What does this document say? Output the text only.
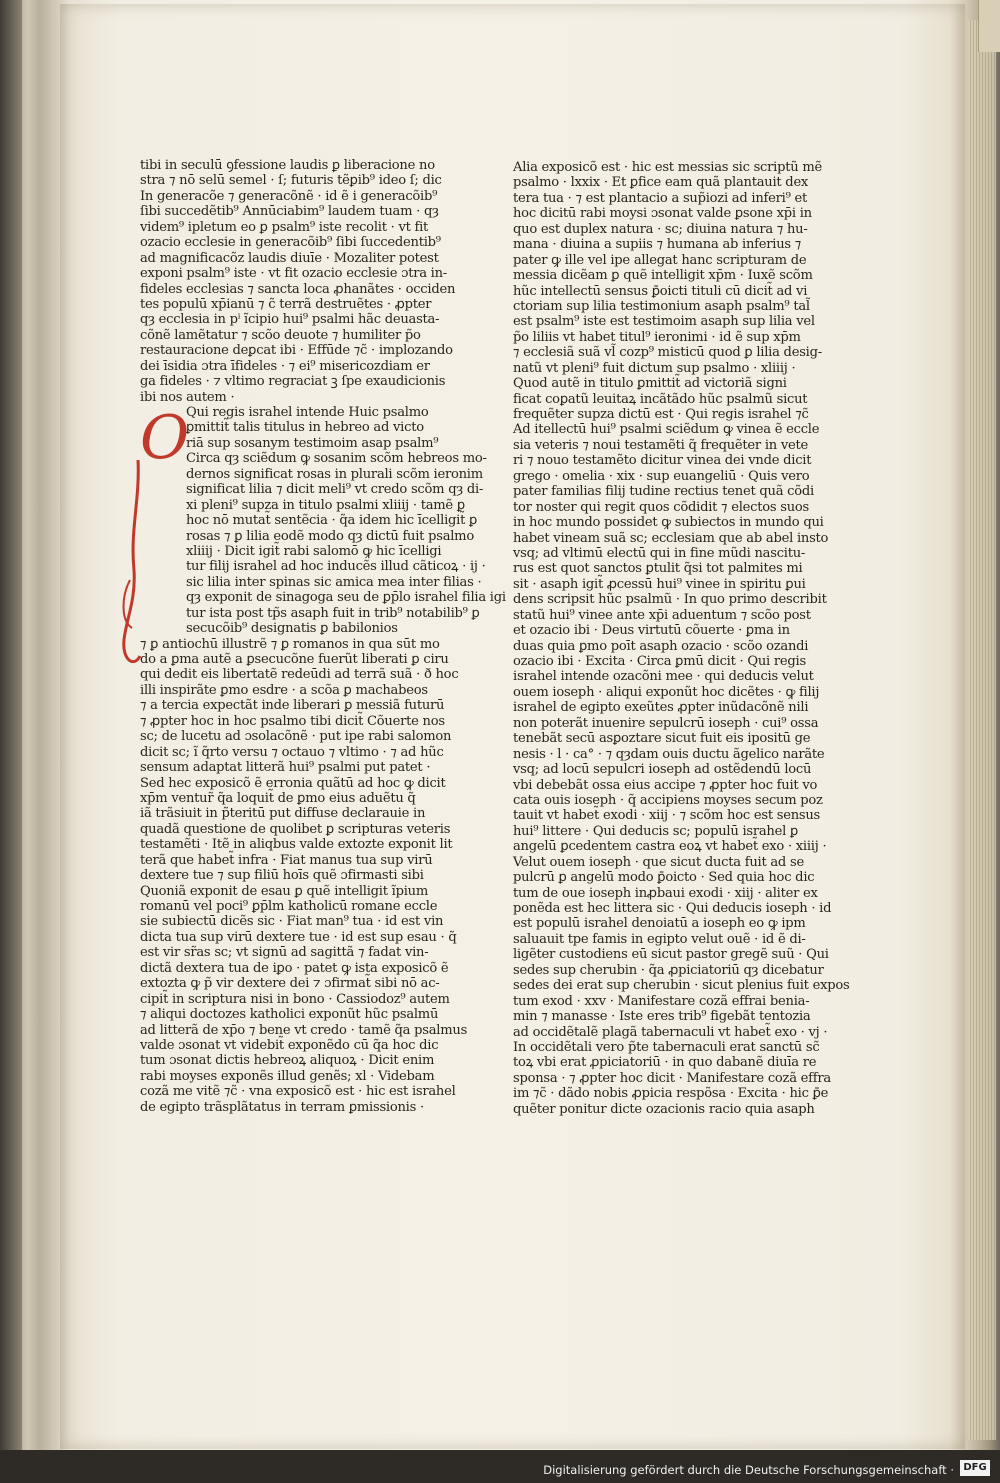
O
tibi in seculū ꝯfessione laudis ꝑ liberacione no
stra ⁊ nō selū semel · ſ; futuris tẽꝑib⁹ ideo ſ; dic
In generacõe ⁊ generacõnẽ · id ẽ i generacõib⁹
ſibi succedẽtib⁹ Annūciabim⁹ laudem tuam · qȝ
videm⁹ ipletum eo ꝑ psalm⁹ iste recolit · vt fit
ozacio ecclesie in generacõib⁹ ſibi ſuccedentib⁹
ad magnificacõz laudis diuīe · Mozaliter potest
exponi psalm⁹ iste · vt fit ozacio ecclesie ɔtra in-
fideles ecclesias ⁊ sancta loca ꝓhanãtes · occiden
tes populū xp̄ianū ⁊ c̃ terrã destruẽtes · ꝓpter
qȝ ecclesia in pⁱ ĩcipio hui⁹ psalmi hãc deuasta-
cõnẽ lamẽtatur ⁊ scõo deuote ⁊ humiliter p̃o
restauracione deꝑcat ibi · Effūde ⁊c̃ · implozando
dei īsidia ɔtra īfideles · ⁊ ei⁹ misericozdiam er
ga fideles · ⁊ vltimo regraciat ꝫ ſpe exaudicionis
ibi nos autem ·
Qui regis israhel intende Huic psalmo
ꝑmittit̃ talis titulus in hebreo ad victo
riā sup sosanym testimoim asap psalm⁹
Circa qȝ sciẽdum ꝙ sosanim scõm hebreos mo-
dernos significat rosas in plurali scõm ieronim
significat lilia ⁊ dicit meli⁹ vt credo scõm qȝ di-
xi pleni⁹ supza in titulo psalmi xliiij · tamẽ ꝑ
hoc nō mutat̃ sentẽcia · q̃a idem hic īcelligit̃ ꝑ
rosas ⁊ ꝑ lilia eodẽ modo qȝ dictū fuit psalmo
xliiij · Dicit igit̃ rabi salomō ꝙ hic īcelligi
tur filij israhel ad hoc inducẽs illud cãticoꝝ · ij ·
sic lilia inter spinas sic amica mea inter filias ·
qȝ exponit de sinagoga seu de ꝑp̄lo israhel filia igi
tur ista post tp̃s asaph fuit in trib⁹ notabilib⁹ ꝑ
secucõib⁹ designatis ꝑ babilonios
⁊ ꝑ antiochū illustrẽ ⁊ ꝑ romanos in qua sūt mo
do a ꝑma autẽ a ꝑsecucõne fuerũt liberati ꝑ ciru
qui dedit eis libertatẽ redeūdi ad terrã suã · ð hoc
illi inspirãte ꝑmo esdre · a scõa ꝑ machabeos
⁊ a tercia expectãt inde liberari ꝑ messiã futurū
⁊ ꝓpter hoc in hoc psalmo tibi dicit̃ Cõuerte nos
sc; de lucetu ad ɔsolacõnẽ · put ipe rabi salomon
dicit sc; ĩ q̃rto versu ⁊ octauo ⁊ vltimo · ⁊ ad hũc
sensum adaptat litterã hui⁹ psalmi put patet ·
Sed hec exposicõ ẽ erronia quãtū ad hoc ꝙ dicit
xp̄m ventur̃ q̃a loquit̃ de ꝑmo eius aduẽtu q̃
iã trãsiuit in p̃teritū put diffuse declarauie in
quadã questione de quolibet ꝑ scripturas veteris
testamẽti · Itẽ in aliqbus valde extozte exponit lit
terã que habet̃ infra · Fiat manus tua sup virū
dextere tue ⁊ sup filiū hoīs quẽ ɔfirmasti sibi
Quoniã exponit de esau ꝑ quẽ intelligit ĩpium
romanū vel poci⁹ ꝑp̄lm katholicū romane eccle
sie subiectū dicẽs sic · Fiat man⁹ tua · id est vin
dicta tua sup virū dextere tue · id est sup esau · q̃
est vir sr̃as sc; vt signū ad sagittã ⁊ fadat vin-
dictã dextera tua de iꝑo · patet ꝙ ista exposicõ ẽ
extozta ꝙ p̃ vir dextere dei ⁊ ɔfirmat̃ sibi nō ac-
cipit̃ in scriptura nisi in bono · Cassiodoz⁹ autem
⁊ aliqui doctozes katholici exponũt hũc psalmū
ad litterã de xp̄o ⁊ bene vt credo · tamẽ q̃a psalmus
valde ɔsonat vt videbit̃ exponẽdo cū q̃a hoc dic
tum ɔsonat dictis hebreoꝝ aliquoꝝ · Dicit enim
rabi moyses exponẽs illud genẽs; xl · Videbam
cozã me vitẽ ⁊c̃ · vna exposicõ est · hic est israhel
de egipto trãsplãtatus in terram ꝑmissionis ·
Alia exposicõ est · hic est messias sic scriptũ mẽ
psalmo · lxxix · Et ꝑfice eam quã plantauit dex
tera tua · ⁊ est plantacio a sup̃iozi ad inferi⁹ et
hoc dicitū rabi moysi ɔsonat valde ꝑsone xp̄i in
quo est duplex natura · sc; diuina natura ⁊ hu-
mana · diuina a supiis ⁊ humana ab inferius ⁊
pater ꝙ ille vel ipe allegat hanc scripturam de
messia dicẽam ꝑ quẽ intelligit xp̄m · Iuxẽ scõm
hũc intellectū sensus ꝑ̄oicti tituli cū dicit̃ ad vi
ctoriam sup lilia testimonium asaph psalm⁹ tal̃
est psalm⁹ iste est testimoim asaph sup lilia vel
p̃o liliis vt habet titul⁹ ieronimi · id ẽ sup xp̄m
⁊ ecclesiã suã vl̃ cozp⁹ misticū quod ꝑ lilia desig-
natũ vt pleni⁹ fuit dictum sup psalmo · xliiij ·
Quod autẽ in titulo ꝑmittit̃ ad victoriã signi
ficat coꝑatũ leuitaꝝ incãtãdo hũc psalmũ sicut
frequẽter supza dictū est · Qui regis israhel ⁊c̃
Ad itellectū hui⁹ psalmi sciẽdum ꝙ vinea ẽ eccle
sia veteris ⁊ noui testamẽti q̃ frequẽter in vete
ri ⁊ nouo testamẽto dicitur vinea dei vnde dicit
grego · omelia · xix · sup euangeliū · Quis vero
pater familias filij tudine rectius tenet quã cõdi
tor noster qui regit quos cõdidit ⁊ electos suos
in hoc mundo possidet ꝙ subiectos in mundo qui
habet vineam suã sc; ecclesiam que ab abel insto
vsq; ad vltimū electū qui in fine mũdi nascitu-
rus est quot sanctos ꝑtulit q̃si tot palmites mi
sit · asaph igit̃ ꝓcessū hui⁹ vinee in spiritu ꝑui
dens scripsit hũc psalmũ · In quo primo describit
statũ hui⁹ vinee ante xp̄i aduentum ⁊ scõo post
et ozacio ibi · Deus virtutū cõuerte · ꝑma in
duas quia ꝑmo poīt asaph ozacio · scõo ozandi
ozacio ibi · Excita · Circa ꝑmū dicit · Qui regis
israhel intende ozacõni mee · qui deducis velut
ouem ioseph · aliqui exponũt hoc dicẽtes · ꝙ filij
israhel de egipto exeũtes ꝓpter inũdacõnẽ nili
non poterãt inuenire sepulcrū ioseph · cui⁹ ossa
tenebãt secū asꝑoztare sicut fuit eis ipositū ge
nesis · l · ca° · ⁊ qȝdam ouis ductu ãgelico narãte
vsq; ad locū sepulcri ioseph ad ostẽdendū locū
vbi debebãt ossa eius accipe ⁊ ꝓpter hoc fuit vo
cata ouis ioseph · q̃ accipiens moyses secum poz
tauit vt habet̃ exodi · xiij · ⁊ scõm hoc est sensus
hui⁹ littere · Qui deducis sc; populū israhel ꝑ
angelū ꝑcedentem castra eoꝝ vt habet̃ exo · xiiij ·
Velut ouem ioseph · que sicut ducta fuit ad se
pulcrū ꝑ angelū modo ꝑ̄oicto · Sed quia hoc dic
tum de oue ioseph inꝓbaui exodi · xiij · aliter ex
ponẽda est hec littera sic · Qui deducis ioseph · id
est populū israhel denoiatū a ioseph eo ꝙ ipm
saluauit tpe famis in egipto velut ouẽ · id ẽ di-
ligẽter custodiens eū sicut pastor gregẽ suũ · Qui
sedes sup cherubin · q̃a ꝓpiciatoriū qȝ dicebatur
sedes dei erat sup cherubin · sicut plenius fuit expos
tum exod · xxv · Manifestare cozã effrai benia-
min ⁊ manasse · Iste eres trib⁹ figebãt tentozia
ad occidẽtalẽ plagã tabernaculi vt habet̃ exo · vj ·
In occidẽtali vero p̃te tabernaculi erat sanctū sc̃
toꝝ vbi erat ꝓpiciatoriū · in quo dabanẽ diuīa re
sponsa · ⁊ ꝓpter hoc dicit · Manifestare cozã effra
im ⁊c̃ · dãdo nobis ꝓpicia respõsa · Excita · hic ꝑ̄e
quẽter ponitur dicte ozacionis racio quia asaph
Digitalisierung gefördert durch die Deutsche Forschungsgemeinschaft · DFG
